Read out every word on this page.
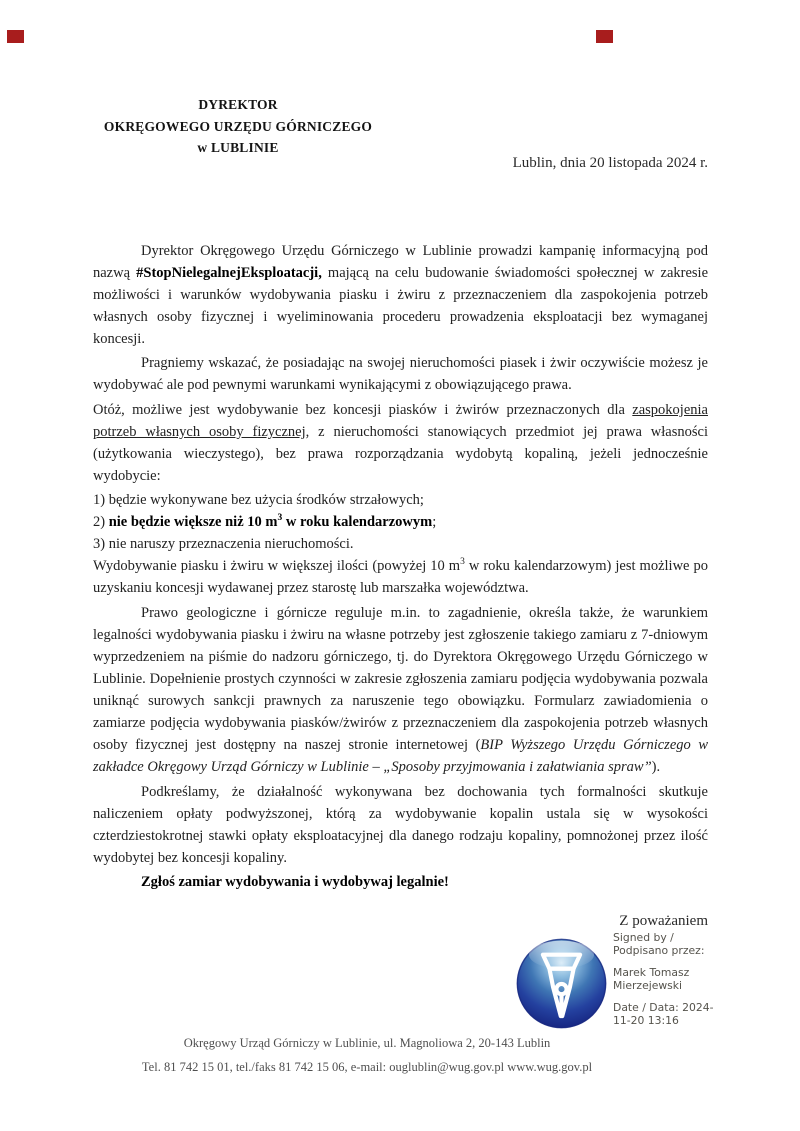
DYREKTOR
OKRĘGOWEGO URZĘDU GÓRNICZEGO
w LUBLINIE
Lublin, dnia 20 listopada 2024 r.

Dyrektor Okręgowego Urzędu Górniczego w Lublinie prowadzi kampanię informacyjną pod nazwą #StopNielegalnejEksploatacji, mającą na celu budowanie świadomości społecznej w zakresie możliwości i warunków wydobywania piasku i żwiru z przeznaczeniem dla zaspokojenia potrzeb własnych osoby fizycznej i wyeliminowania procederu prowadzenia eksploatacji bez wymaganej koncesji.

Pragniemy wskazać, że posiadając na swojej nieruchomości piasek i żwir oczywiście możesz je wydobywać ale pod pewnymi warunkami wynikającymi z obowiązującego prawa.

Otóż, możliwe jest wydobywanie bez koncesji piasków i żwirów przeznaczonych dla zaspokojenia potrzeb własnych osoby fizycznej, z nieruchomości stanowiących przedmiot jej prawa własności (użytkowania wieczystego), bez prawa rozporządzania wydobytą kopaliną, jeżeli jednocześnie wydobycie:

1) będzie wykonywane bez użycia środków strzałowych;

2) nie będzie większe niż 10 $m^3$ w roku kalendarzowym;

3) nie naruszy przeznaczenia nieruchomości.

Wydobywanie piasku i żwiru w większej ilości (powyżej 10 $m^3$ w roku kalendarzowym) jest możliwe po uzyskaniu koncesji wydawanej przez starostę lub marszałka województwa.

Prawo geologiczne i górnicze reguluje m.in. to zagadnienie, określa także, że warunkiem legalności wydobywania piasku i żwiru na własne potrzeby jest zgłoszenie takiego zamiaru z 7-dniowym wyprzedzeniem na piśmie do nadzoru górniczego, tj. do Dyrektora Okręgowego Urzędu Górniczego w Lublinie. Dopełnienie prostych czynności w zakresie zgłoszenia zamiaru podjęcia wydobywania pozwala uniknąć surowych sankcji prawnych za naruszenie tego obowiązku. Formularz zawiadomienia o zamiarze podjęcia wydobywania piasków/żwirów z przeznaczeniem dla zaspokojenia potrzeb własnych osoby fizycznej jest dostępny na naszej stronie internetowej (BIP Wyższego Urzędu Górniczego w zakładce Okręgowy Urząd Górniczy w Lublinie – „Sposoby przyjmowania i załatwiania spraw”).

Podkreślamy, że działalność wykonywana bez dochowania tych formalności skutkuje naliczeniem opłaty podwyższonej, którą za wydobywanie kopalin ustala się w wysokości czterdziestokrotnej stawki opłaty eksploatacyjnej dla danego rodzaju kopaliny, pomnożonej przez ilość wydobytej bez koncesji kopaliny.

Zgłoś zamiar wydobywania i wydobywaj legalnie!

Z poważaniem
Signed by /
Podpisano przez:
Marek Tomasz
Mierzejewski
Date / Data: 2024-
11-20 13:16
Okręgowy Urząd Górniczy w Lublinie, ul. Magnoliowa 2, 20-143 Lublin
Tel. 81 742 15 01, tel./faks 81 742 15 06, e-mail: ouglublin@wug.gov.pl www.wug.gov.pl
